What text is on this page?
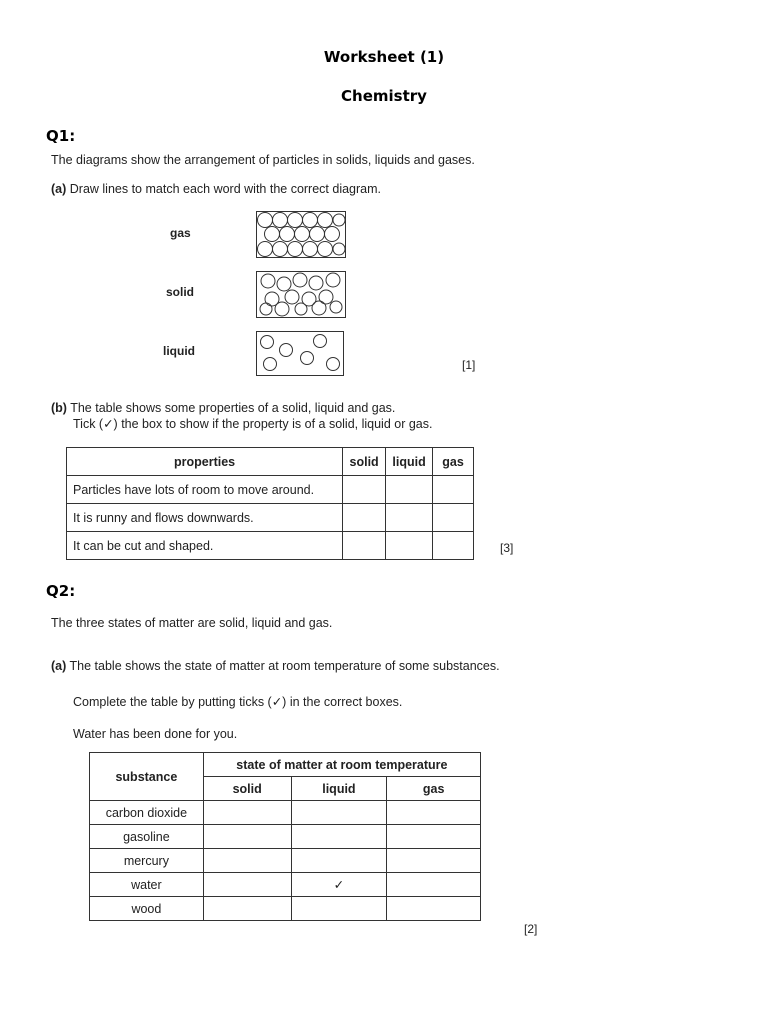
Worksheet (1)
Chemistry
Q1:
The diagrams show the arrangement of particles in solids, liquids and gases.
(a) Draw lines to match each word with the correct diagram.
gas
solid
liquid
[1]
(b) The table shows some properties of a solid, liquid and gas.
Tick (✓) the box to show if the property is of a solid, liquid or gas.
properties	solid	liquid	gas
Particles have lots of room to move around.			
It is runny and flows downwards.			
It can be cut and shaped.				[3]
Q2:
The three states of matter are solid, liquid and gas.
(a) The table shows the state of matter at room temperature of some substances.
Complete the table by putting ticks (✓) in the correct boxes.
Water has been done for you.
substance	state of matter at room temperature		
	solid	liquid	gas
carbon dioxide			
gasoline			
mercury			
water		✓	
wood			
[2]
